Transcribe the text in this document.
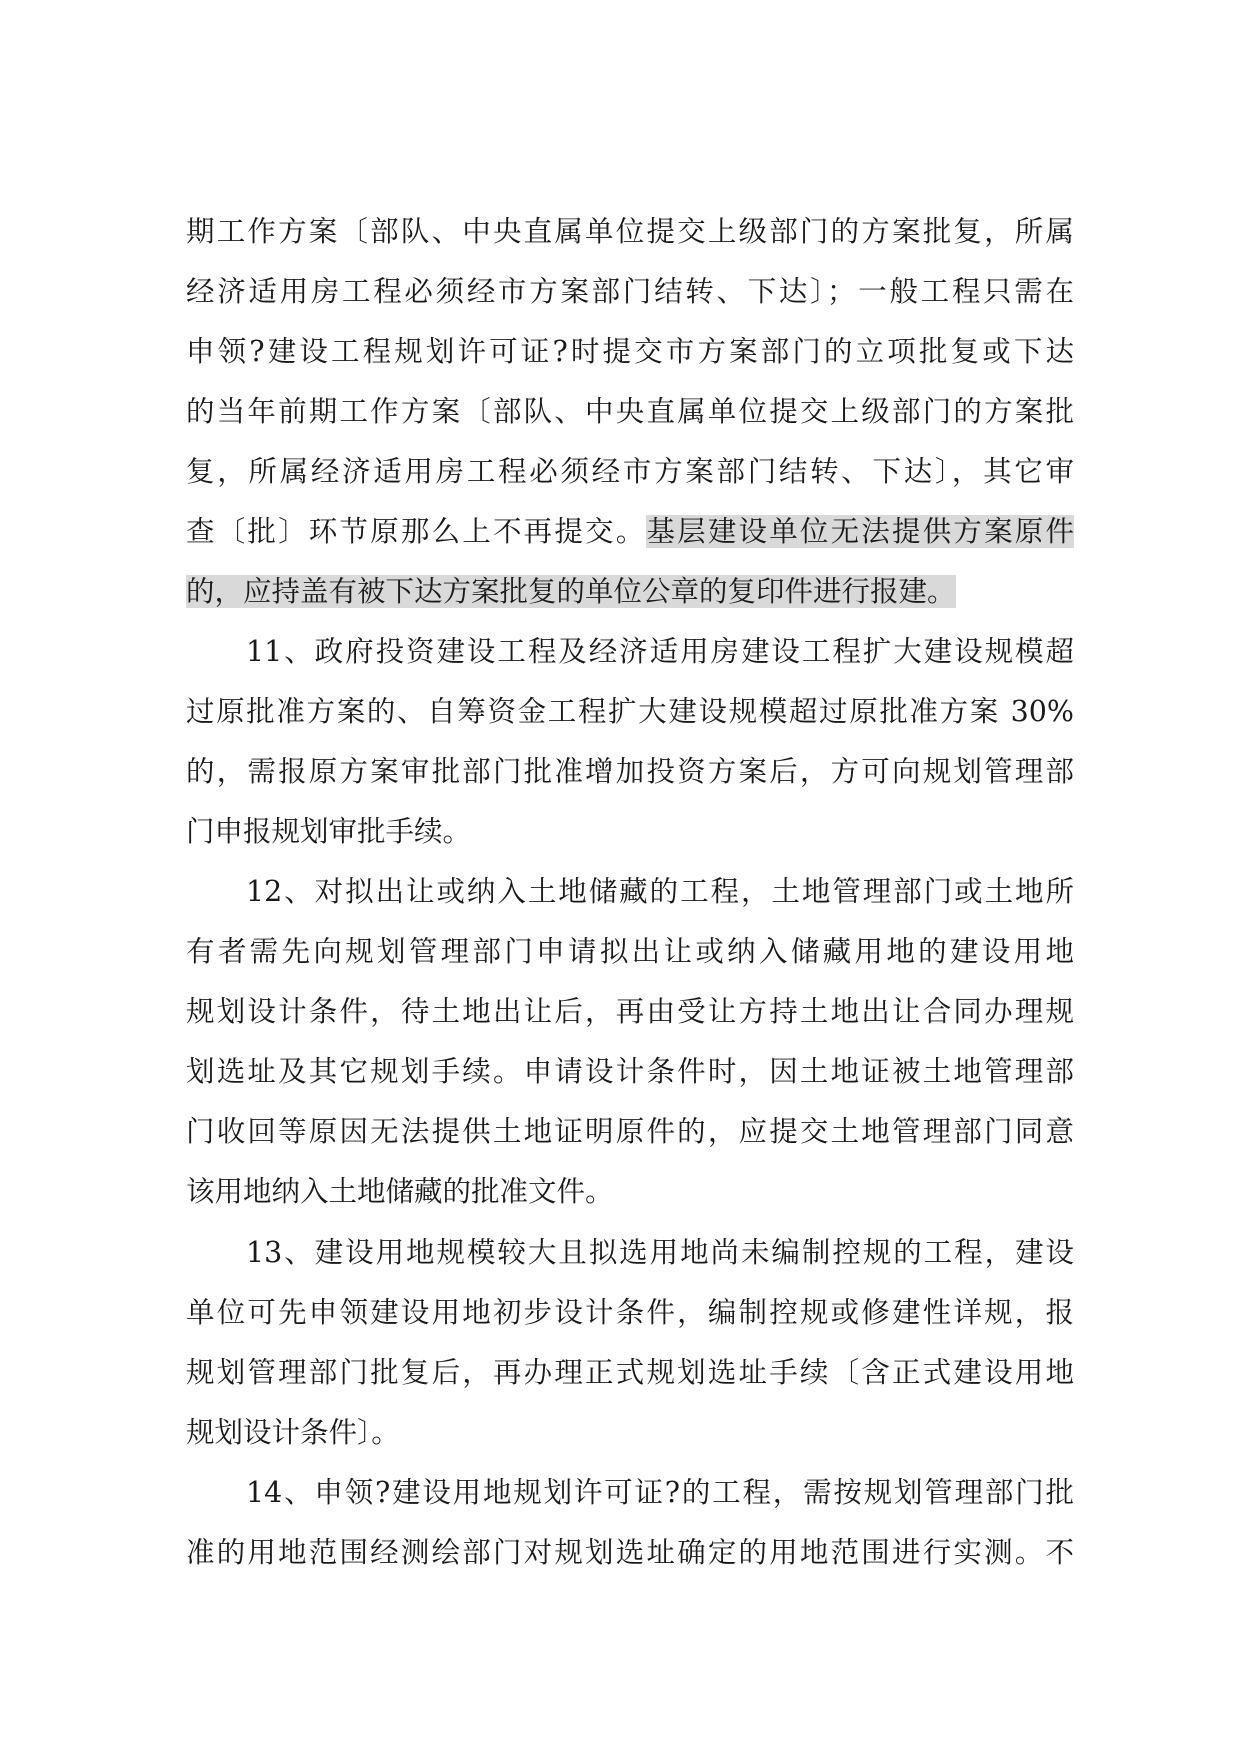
期工作方案〔部队、中央直属单位提交上级部门的方案批复，所属
经济适用房工程必须经市方案部门结转、下达〕；一般工程只需在
申领?建设工程规划许可证?时提交市方案部门的立项批复或下达
的当年前期工作方案〔部队、中央直属单位提交上级部门的方案批
复，所属经济适用房工程必须经市方案部门结转、下达〕，其它审
查〔批〕环节原那么上不再提交。基层建设单位无法提供方案原件
的，应持盖有被下达方案批复的单位公章的复印件进行报建。
11、政府投资建设工程及经济适用房建设工程扩大建设规模超
过原批准方案的、自筹资金工程扩大建设规模超过原批准方案 30%
的，需报原方案审批部门批准增加投资方案后，方可向规划管理部
门申报规划审批手续。
12、对拟出让或纳入土地储藏的工程，土地管理部门或土地所
有者需先向规划管理部门申请拟出让或纳入储藏用地的建设用地
规划设计条件，待土地出让后，再由受让方持土地出让合同办理规
划选址及其它规划手续。申请设计条件时，因土地证被土地管理部
门收回等原因无法提供土地证明原件的，应提交土地管理部门同意
该用地纳入土地储藏的批准文件。
13、建设用地规模较大且拟选用地尚未编制控规的工程，建设
单位可先申领建设用地初步设计条件，编制控规或修建性详规，报
规划管理部门批复后，再办理正式规划选址手续〔含正式建设用地
规划设计条件〕。
14、申领?建设用地规划许可证?的工程，需按规划管理部门批
准的用地范围经测绘部门对规划选址确定的用地范围进行实测。不
